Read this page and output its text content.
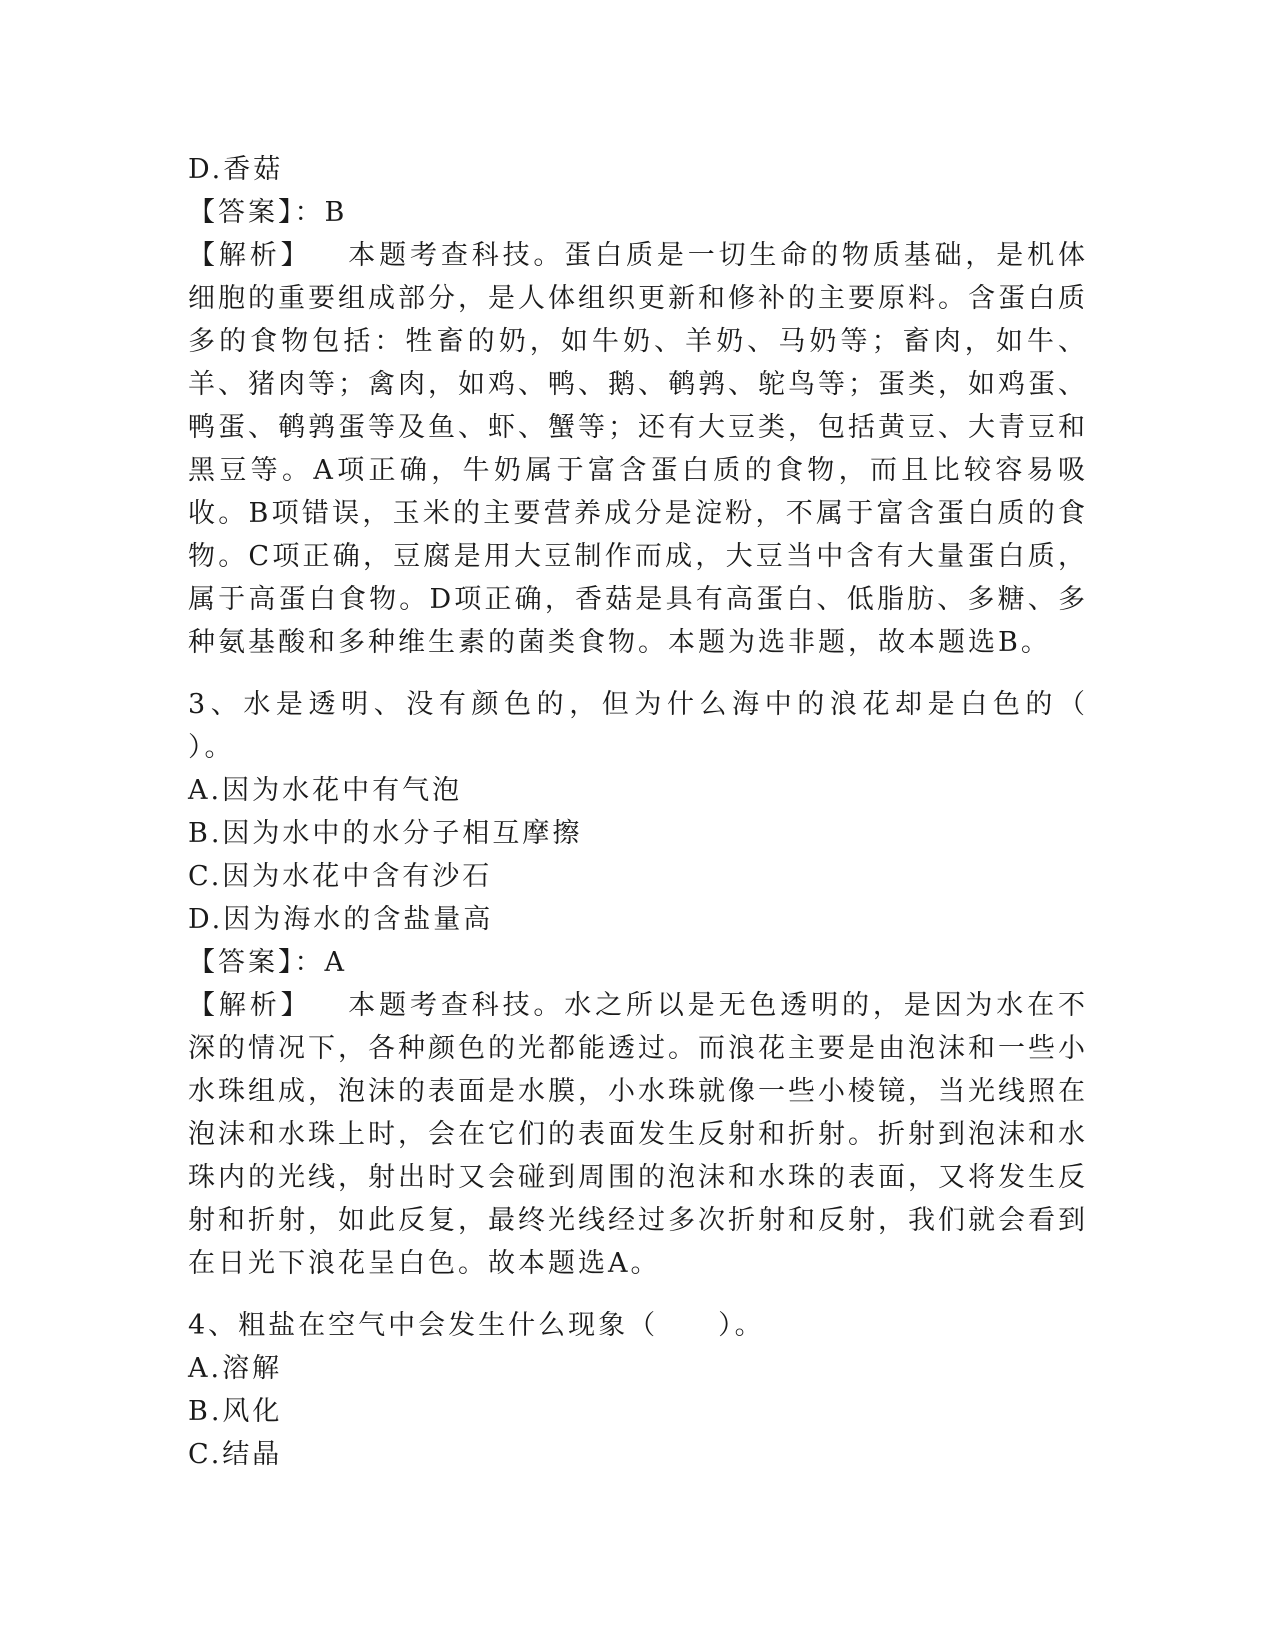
D.香菇
【答案】：B
【解析】 本题考查科技。蛋白质是一切生命的物质基础，是机体细胞的重要组成部分，是人体组织更新和修补的主要原料。含蛋白质多的食物包括：牲畜的奶，如牛奶、羊奶、马奶等；畜肉，如牛、羊、猪肉等；禽肉，如鸡、鸭、鹅、鹌鹑、鸵鸟等；蛋类，如鸡蛋、鸭蛋、鹌鹑蛋等及鱼、虾、蟹等；还有大豆类，包括黄豆、大青豆和黑豆等。A项正确，牛奶属于富含蛋白质的食物，而且比较容易吸收。B项错误，玉米的主要营养成分是淀粉，不属于富含蛋白质的食物。C项正确，豆腐是用大豆制作而成，大豆当中含有大量蛋白质，属于高蛋白食物。D项正确，香菇是具有高蛋白、低脂肪、多糖、多种氨基酸和多种维生素的菌类食物。本题为选非题，故本题选B。
3、水是透明、没有颜色的，但为什么海中的浪花却是白色的（　　）。
A.因为水花中有气泡
B.因为水中的水分子相互摩擦
C.因为水花中含有沙石
D.因为海水的含盐量高
【答案】：A
【解析】 本题考查科技。水之所以是无色透明的，是因为水在不深的情况下，各种颜色的光都能透过。而浪花主要是由泡沫和一些小水珠组成，泡沫的表面是水膜，小水珠就像一些小棱镜，当光线照在泡沫和水珠上时，会在它们的表面发生反射和折射。折射到泡沫和水珠内的光线，射出时又会碰到周围的泡沫和水珠的表面，又将发生反射和折射，如此反复，最终光线经过多次折射和反射，我们就会看到在日光下浪花呈白色。故本题选A。
4、粗盐在空气中会发生什么现象（　　）。
A.溶解
B.风化
C.结晶
